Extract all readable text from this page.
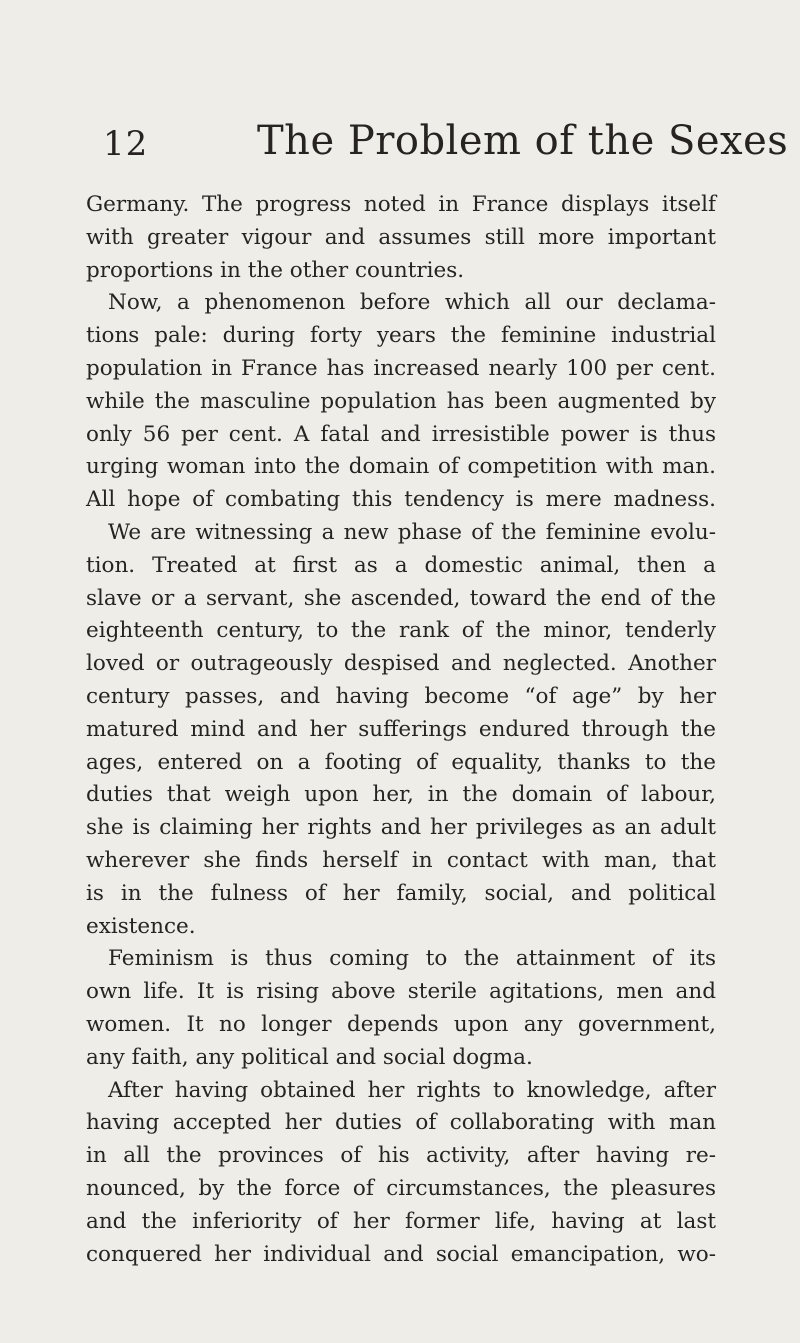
12	The Problem of the Sexes
Germany. The progress noted in France displays itself
with greater vigour and assumes still more important
proportions in the other countries.
Now, a phenomenon before which all our declama-
tions pale: during forty years the feminine industrial
population in France has increased nearly 100 per cent.
while the masculine population has been augmented by
only 56 per cent. A fatal and irresistible power is thus
urging woman into the domain of competition with man.
All hope of combating this tendency is mere madness.
We are witnessing a new phase of the feminine evolu-
tion. Treated at first as a domestic animal, then a
slave or a servant, she ascended, toward the end of the
eighteenth century, to the rank of the minor, tenderly
loved or outrageously despised and neglected. Another
century passes, and having become “of age” by her
matured mind and her sufferings endured through the
ages, entered on a footing of equality, thanks to the
duties that weigh upon her, in the domain of labour,
she is claiming her rights and her privileges as an adult
wherever she finds herself in contact with man, that
is in the fulness of her family, social, and political
existence.
Feminism is thus coming to the attainment of its
own life. It is rising above sterile agitations, men and
women. It no longer depends upon any government,
any faith, any political and social dogma.
After having obtained her rights to knowledge, after
having accepted her duties of collaborating with man
in all the provinces of his activity, after having re-
nounced, by the force of circumstances, the pleasures
and the inferiority of her former life, having at last
conquered her individual and social emancipation, wo-
